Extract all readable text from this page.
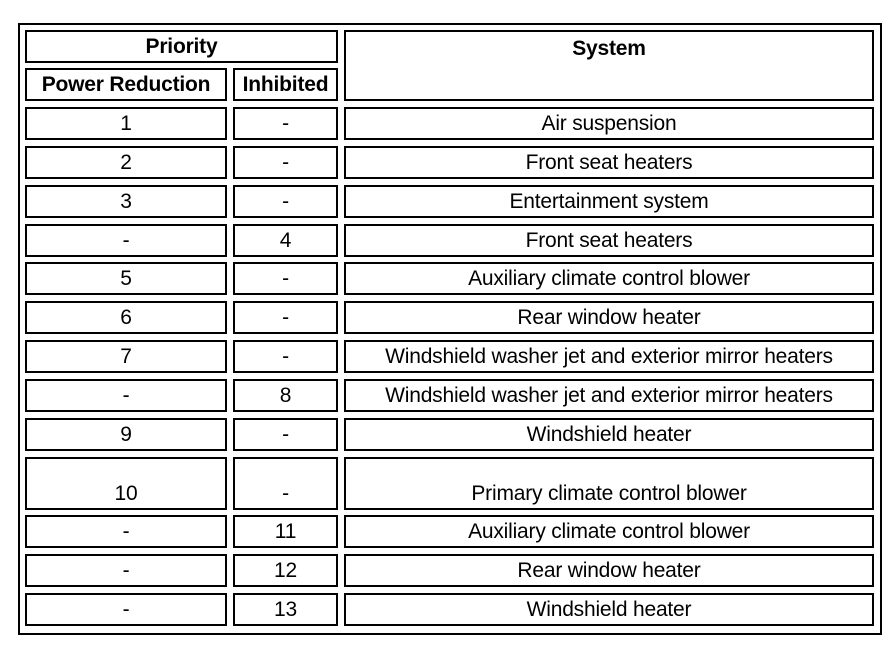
Priority	System
Power Reduction	Inhibited
1	-	Air suspension
2	-	Front seat heaters
3	-	Entertainment system
-	4	Front seat heaters
5	-	Auxiliary climate control blower
6	-	Rear window heater
7	-	Windshield washer jet and exterior mirror heaters
-	8	Windshield washer jet and exterior mirror heaters
9	-	Windshield heater
10	-	Primary climate control blower
-	11	Auxiliary climate control blower
-	12	Rear window heater
-	13	Windshield heater
